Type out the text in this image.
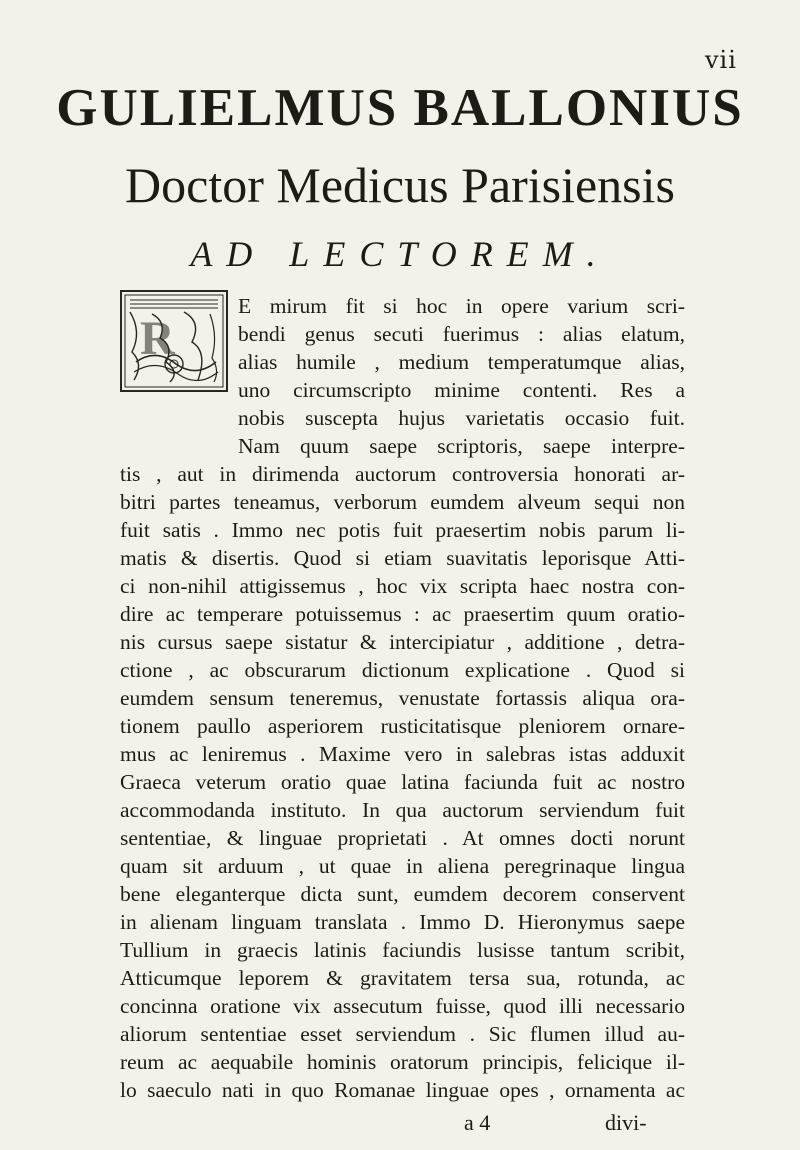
vii
GULIELMUS BALLONIUS
Doctor Medicus Parisiensis
AD LECTOREM.
R
E mirum fit si hoc in opere varium scri-
bendi genus secuti fuerimus : alias elatum,
alias humile , medium temperatumque alias,
uno circumscripto minime contenti. Res a
nobis suscepta hujus varietatis occasio fuit.
Nam quum saepe scriptoris, saepe interpre-
tis , aut in dirimenda auctorum controversia honorati ar-
bitri partes teneamus, verborum eumdem alveum sequi non
fuit satis . Immo nec potis fuit praesertim nobis parum li-
matis & disertis. Quod si etiam suavitatis leporisque Atti-
ci non-nihil attigissemus , hoc vix scripta haec nostra con-
dire ac temperare potuissemus : ac praesertim quum oratio-
nis cursus saepe sistatur & intercipiatur , additione , detra-
ctione , ac obscurarum dictionum explicatione . Quod si
eumdem sensum teneremus, venustate fortassis aliqua ora-
tionem paullo asperiorem rusticitatisque pleniorem ornare-
mus ac leniremus . Maxime vero in salebras istas adduxit
Graeca veterum oratio quae latina faciunda fuit ac nostro
accommodanda instituto. In qua auctorum serviendum fuit
sententiae, & linguae proprietati . At omnes docti norunt
quam sit arduum , ut quae in aliena peregrinaque lingua
bene eleganterque dicta sunt, eumdem decorem conservent
in alienam linguam translata . Immo D. Hieronymus saepe
Tullium in graecis latinis faciundis lusisse tantum scribit,
Atticumque leporem & gravitatem tersa sua, rotunda, ac
concinna oratione vix assecutum fuisse, quod illi necessario
aliorum sententiae esset serviendum . Sic flumen illud au-
reum ac aequabile hominis oratorum principis, felicique il-
lo saeculo nati in quo Romanae linguae opes , ornamenta ac
a 4	divi-
